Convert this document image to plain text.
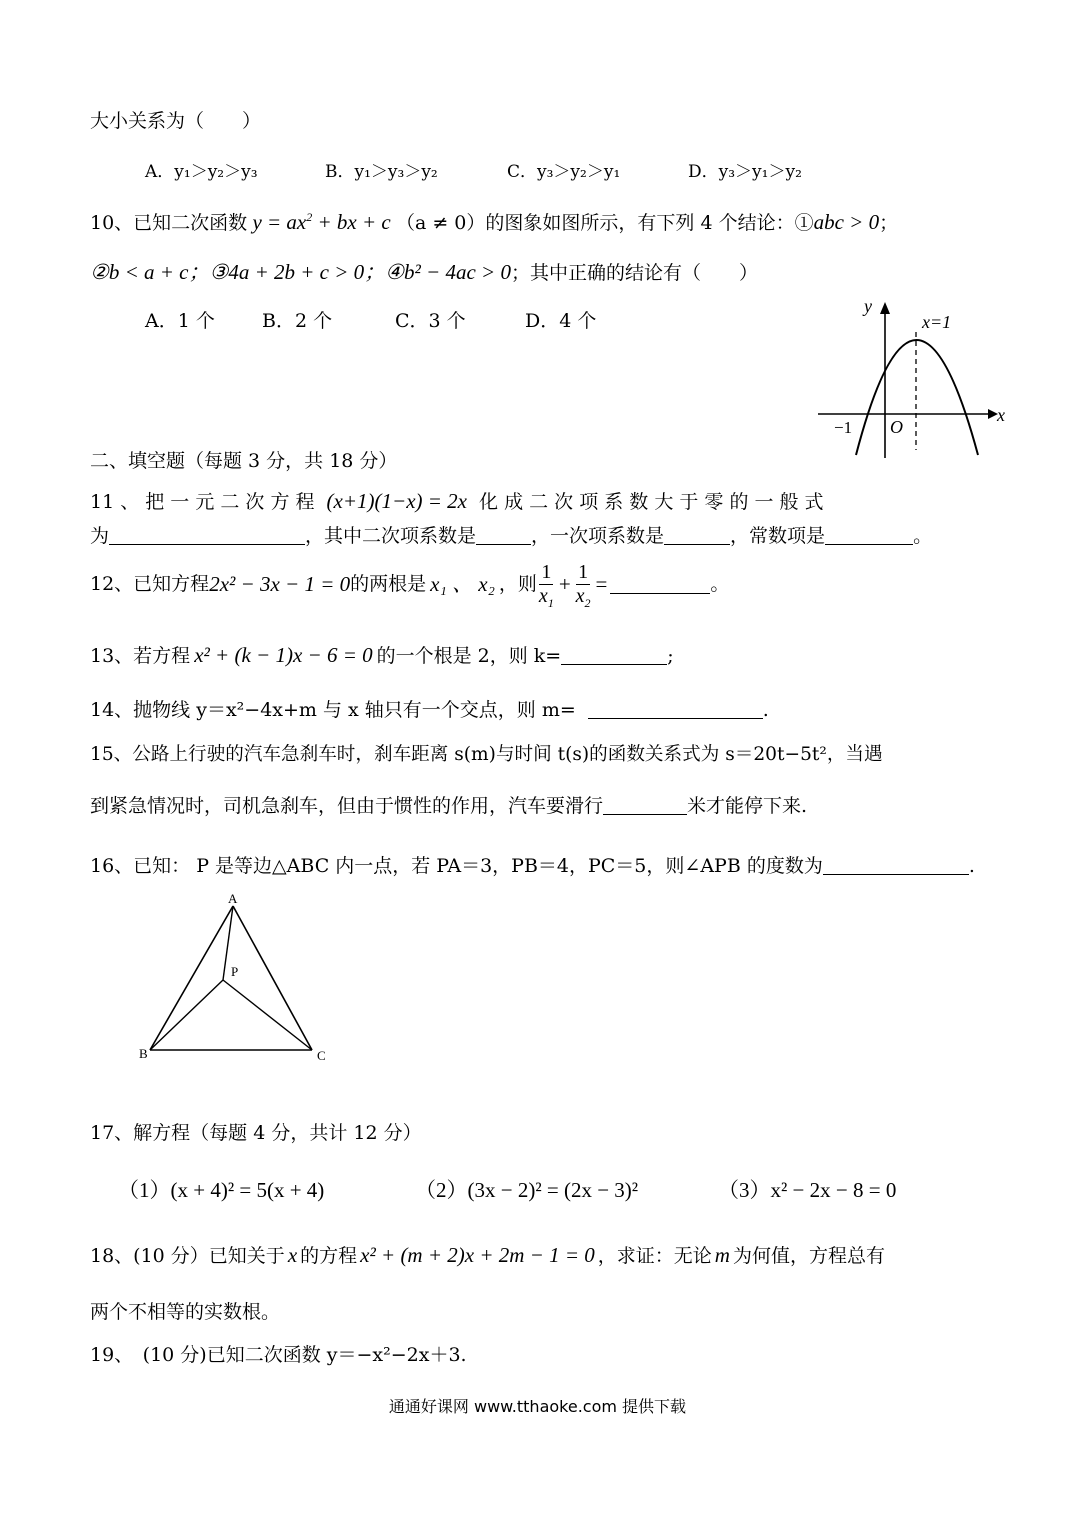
大小关系为（　　）
A．y₁＞y₂＞y₃	B．y₁＞y₃＞y₂	C．y₃＞y₂＞y₁	D．y₃＞y₁＞y₂
10、已知二次函数 $y = ax^2$ + bx + c （a ≠ 0）的图象如图所示，有下列 4 个结论：①abc > 0；
②b < a + c；③4a + 2b + c > 0；④b² − 4ac > 0；其中正确的结论有（　　）
A．1 个 B．2 个	C．3 个	D．4 个
y
x
x=1
O
−1
二、填空题（每题 3 分，共 18 分）
11 、 把 一 元 二 次 方 程 (x+1)(1−x) = 2x 化 成 二 次 项 系 数 大 于 零 的 一 般 式
为	，其中二次项系数是	，一次项系数是	，常数项是	。
12、已知方程 2x² − 3x − 1 = 0 的两根是 x₁ 、 x₂ ，则 $\frac{1}{x_1} + \frac{1}{x_2}$ =	。
13、若方程 x² + (k − 1)x − 6 = 0 的一个根是 2，则 k=	;
14、抛物线 y＝x²−4x+m 与 x 轴只有一个交点，则 m=	.
15、公路上行驶的汽车急刹车时，刹车距离 s(m)与时间 t(s)的函数关系式为 s＝20t−5t²，当遇
到紧急情况时，司机急刹车，但由于惯性的作用，汽车要滑行	米才能停下来.
16、已知： P 是等边△ABC 内一点，若 PA＝3，PB＝4，PC＝5，则∠APB 的度数为	.
A
P
B	C
17、解方程（每题 4 分，共计 12 分）
（1）(x + 4)² = 5(x + 4)	（2）(3x − 2)² = (2x − 3)²	（3）x² − 2x − 8 = 0
18、(10 分）已知关于 x 的方程 x² + (m + 2)x + 2m − 1 = 0 ，求证：无论 m 为何值，方程总有
两个不相等的实数根。
19、　(10 分)已知二次函数 y＝−x²−2x＋3.
通通好课网 www.tthaoke.com 提供下载
